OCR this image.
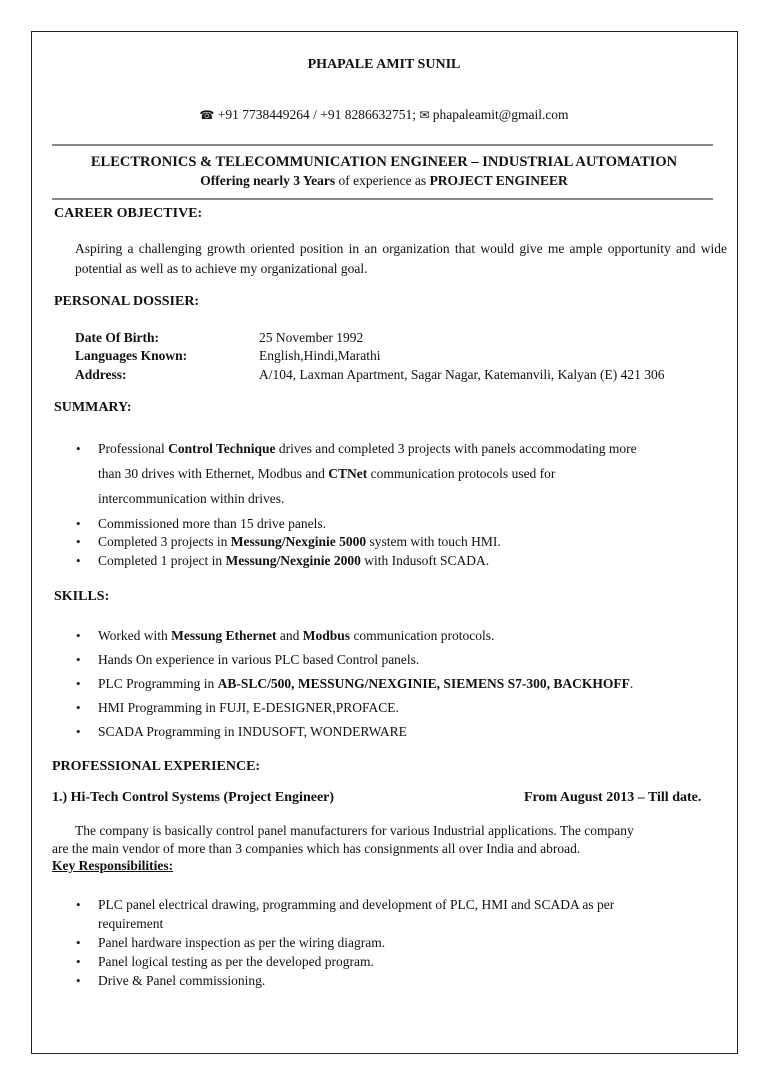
PHAPALE AMIT SUNIL
☎ +91 7738449264 / +91 8286632751; ✉ phapaleamit@gmail.com
ELECTRONICS & TELECOMMUNICATION ENGINEER – INDUSTRIAL AUTOMATION
Offering nearly 3 Years of experience as PROJECT ENGINEER
CAREER OBJECTIVE:
Aspiring a challenging growth oriented position in an organization that would give me ample opportunity and wide potential as well as to achieve my organizational goal.
PERSONAL DOSSIER:
Date Of Birth:	25 November 1992
Languages Known:	English,Hindi,Marathi
Address:	A/104, Laxman Apartment, Sagar Nagar, Katemanvili, Kalyan (E) 421 306
SUMMARY:
• Professional Control Technique drives and completed 3 projects with panels accommodating more
than 30 drives with Ethernet, Modbus and CTNet communication protocols used for
intercommunication within drives.
• Commissioned more than 15 drive panels.
• Completed 3 projects in Messung/Nexginie 5000 system with touch HMI.
• Completed 1 project in Messung/Nexginie 2000 with Indusoft SCADA.
SKILLS:
• Worked with Messung Ethernet and Modbus communication protocols.
• Hands On experience in various PLC based Control panels.
• PLC Programming in AB-SLC/500, MESSUNG/NEXGINIE, SIEMENS S7-300, BACKHOFF.
• HMI Programming in FUJI, E-DESIGNER,PROFACE.
• SCADA Programming in INDUSOFT, WONDERWARE
PROFESSIONAL EXPERIENCE:
1.) Hi-Tech Control Systems (Project Engineer)	From August 2013 – Till date.
The company is basically control panel manufacturers for various Industrial applications. The company
are the main vendor of more than 3 companies which has consignments all over India and abroad.
Key Responsibilities:
• PLC panel electrical drawing, programming and development of PLC, HMI and SCADA as per
requirement
• Panel hardware inspection as per the wiring diagram.
• Panel logical testing as per the developed program.
• Drive & Panel commissioning.
